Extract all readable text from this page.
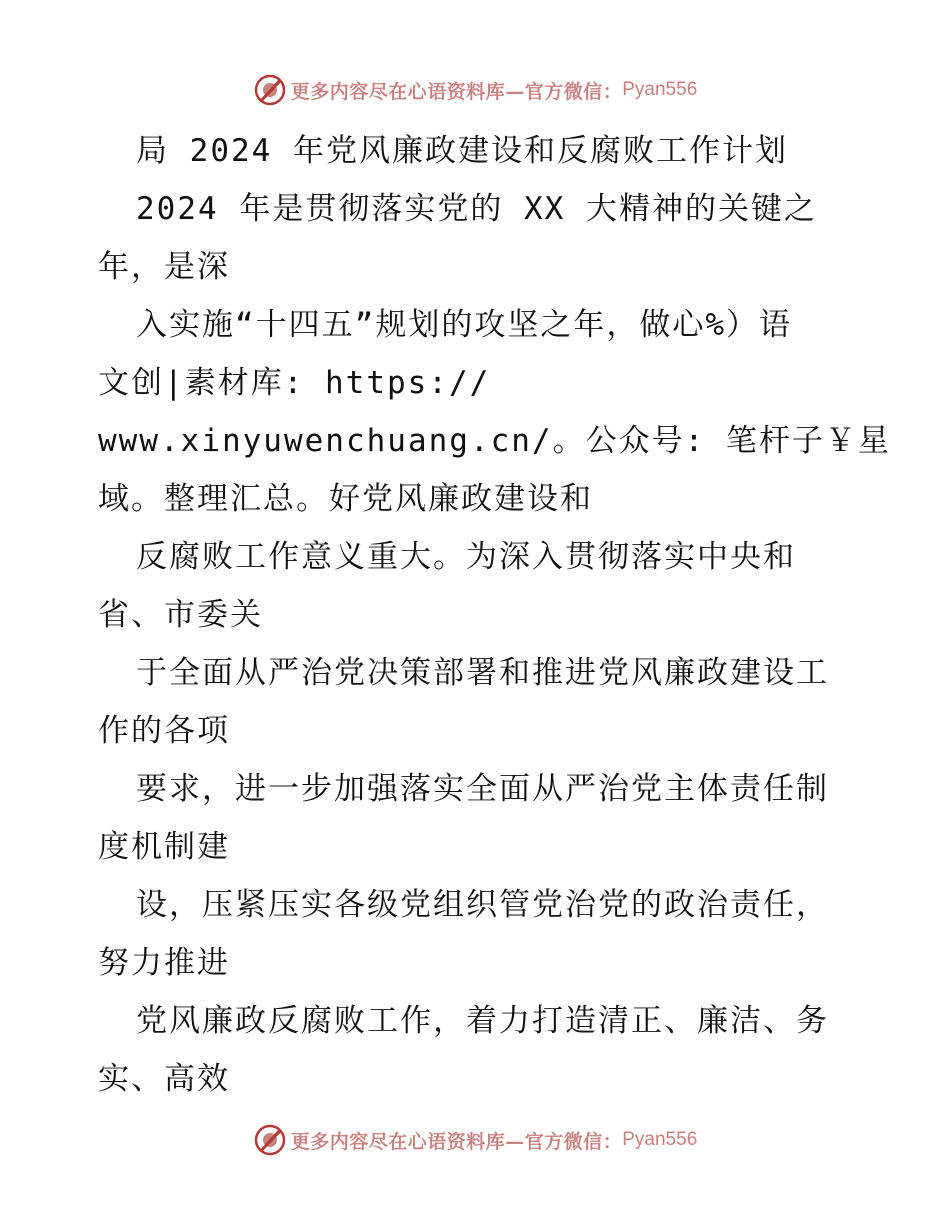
更多内容尽在心语资料库—官方微信： Pyan556
局 2024 年党风廉政建设和反腐败工作计划
2024 年是贯彻落实党的 XX 大精神的关键之
年，是深
入实施“十四五”规划的攻坚之年，做心%）语
文创|素材库: https://
www.xinyuwenchuang.cn/。公众号: 笔杆子￥星
域。整理汇总。好党风廉政建设和
反腐败工作意义重大。为深入贯彻落实中央和
省、市委关
于全面从严治党决策部署和推进党风廉政建设工
作的各项
要求，进一步加强落实全面从严治党主体责任制
度机制建
设，压紧压实各级党组织管党治党的政治责任，
努力推进
党风廉政反腐败工作，着力打造清正、廉洁、务
实、高效
更多内容尽在心语资料库—官方微信： Pyan556
